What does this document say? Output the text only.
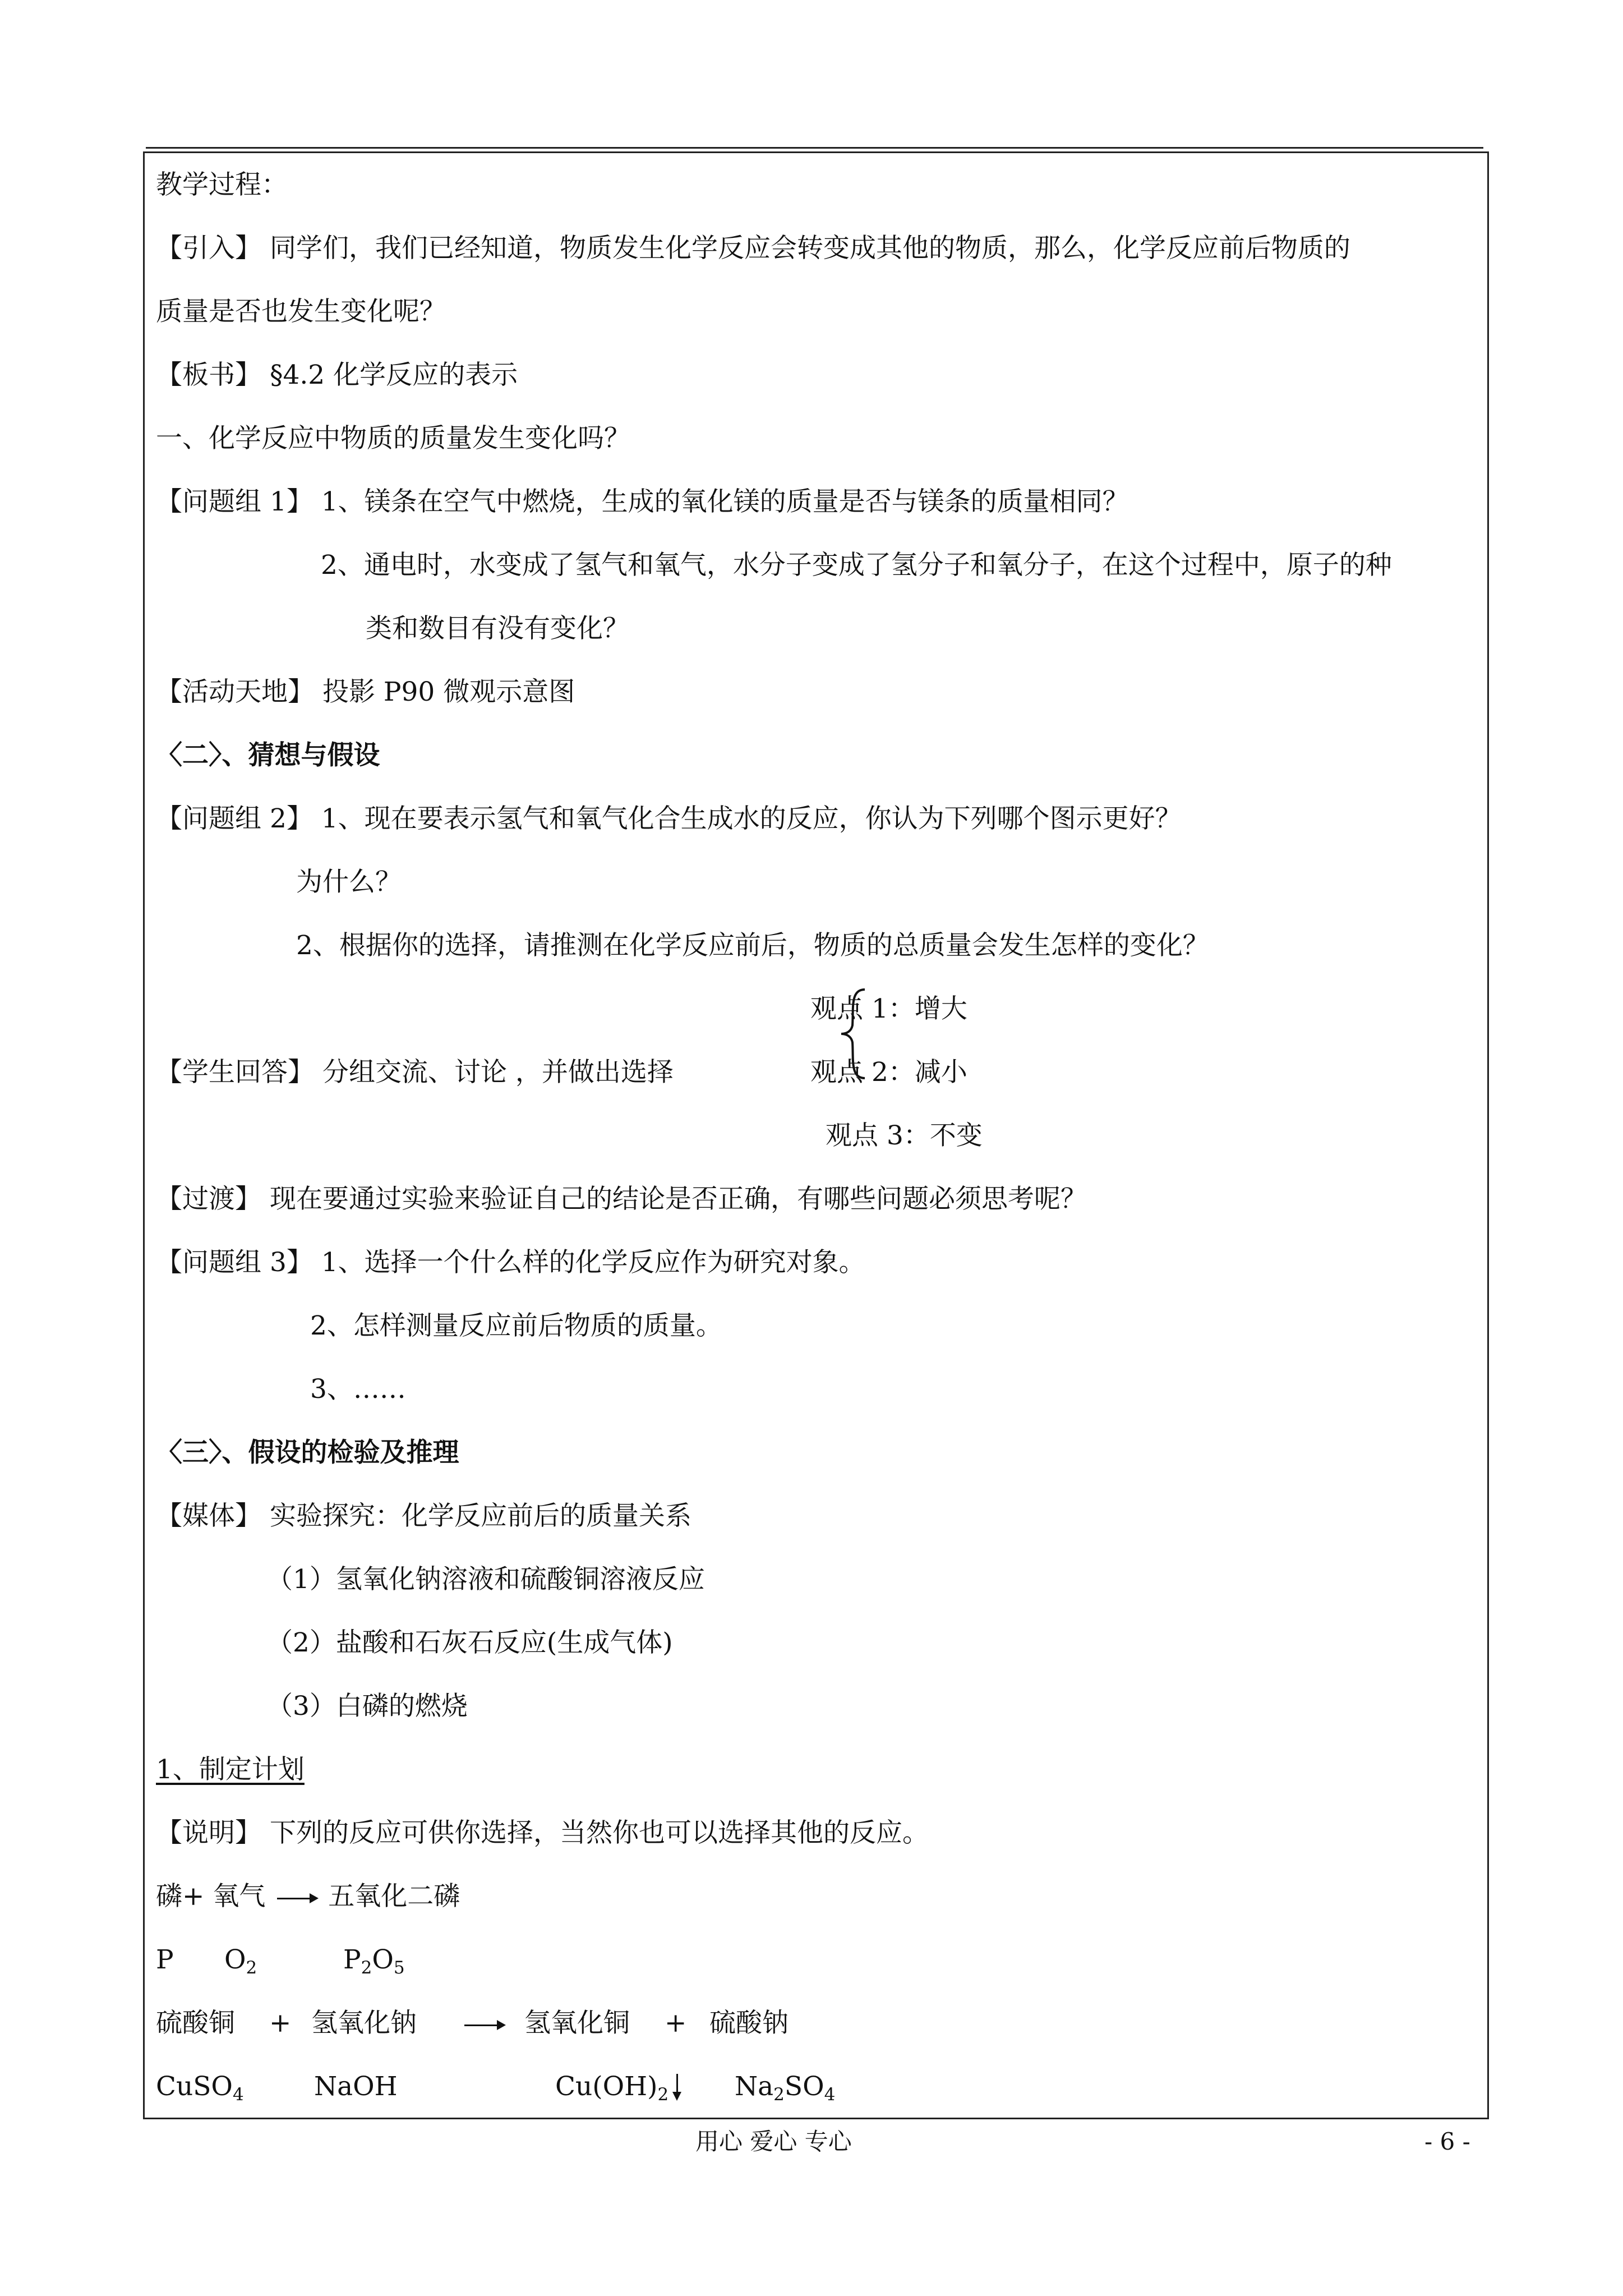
教学过程：
【引入】 同学们，我们已经知道，物质发生化学反应会转变成其他的物质，那么，化学反应前后物质的
质量是否也发生变化呢？
【板书】 §4.2 化学反应的表示
一、化学反应中物质的质量发生变化吗？
【问题组 1】 1、镁条在空气中燃烧，生成的氧化镁的质量是否与镁条的质量相同？
2、通电时，水变成了氢气和氧气，水分子变成了氢分子和氧分子，在这个过程中，原子的种
类和数目有没有变化？
【活动天地】 投影 P90 微观示意图
〈二〉、猜想与假设
【问题组 2】 1、现在要表示氢气和氧气化合生成水的反应，你认为下列哪个图示更好？
为什么？
2、根据你的选择，请推测在化学反应前后，物质的总质量会发生怎样的变化？
观点 1：增大
【学生回答】 分组交流、讨论 ，并做出选择	观点 2：减小
观点 3：不变
【过渡】 现在要通过实验来验证自己的结论是否正确，有哪些问题必须思考呢？
【问题组 3】 1、选择一个什么样的化学反应作为研究对象。
2、怎样测量反应前后物质的质量。
3、……
〈三〉、假设的检验及推理
【媒体】 实验探究：化学反应前后的质量关系
（1）氢氧化钠溶液和硫酸铜溶液反应
（2）盐酸和石灰石反应(生成气体)
（3）白磷的燃烧
1、制定计划
【说明】 下列的反应可供你选择，当然你也可以选择其他的反应。
磷+ 氧气 五氧化二磷
P $O_2$	$P_2O_5$
硫酸铜 + 氢氧化钠	氢氧化铜 + 硫酸钠
CuSO$_4$	NaOH	$Cu(OH)_2$	$Na_2SO_4$
用心 爱心 专心	- 6 -
